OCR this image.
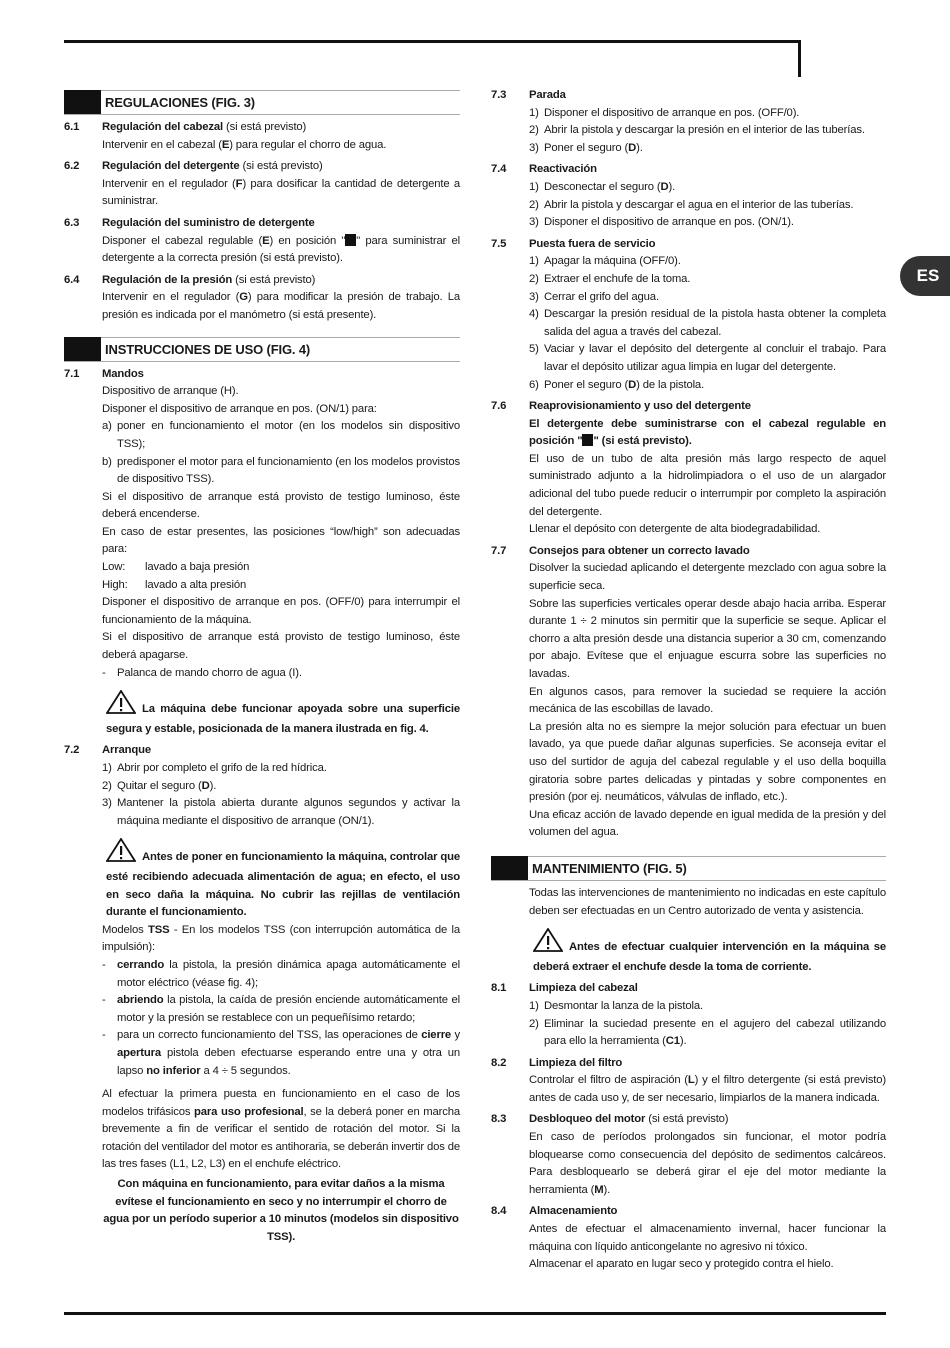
ES
REGULACIONES (FIG. 3)
6.1	Regulación del cabezal (si está previsto)

Intervenir en el cabezal (E) para regular el chorro de agua.

6.2	Regulación del detergente (si está previsto)

Intervenir en el regulador (F) para dosificar la cantidad de detergente a suministrar.

6.3	Regulación del suministro de detergente

Disponer el cabezal regulable (E) en posición " " para suministrar el detergente a la correcta presión (si está previsto).

6.4	Regulación de la presión (si está previsto)

Intervenir en el regulador (G) para modificar la presión de trabajo. La presión es indicada por el manómetro (si está presente).

INSTRUCCIONES DE USO (FIG. 4)
7.1	Mandos

Dispositivo de arranque (H).

Disponer el dispositivo de arranque en pos. (ON/1) para:

a) poner en funcionamiento el motor (en los modelos sin dispositivo TSS);
b) predisponer el motor para el funcionamiento (en los modelos provistos de dispositivo TSS).

Si el dispositivo de arranque está provisto de testigo luminoso, éste deberá encenderse.

En caso de estar presentes, las posiciones “low/high” son adecuadas para:

Low:	lavado a baja presión
High:	lavado a alta presión

Disponer el dispositivo de arranque en pos. (OFF/0) para interrumpir el funcionamiento de la máquina.

Si el dispositivo de arranque está provisto de testigo luminoso, éste deberá apagarse.

-	Palanca de mando chorro de agua (I).
La máquina debe funcionar apoyada sobre una superficie segura y estable, posicionada de la manera ilustrada en fig. 4.
7.2	Arranque

1) Abrir por completo el grifo de la red hídrica.
2) Quitar el seguro (D).
3) Mantener la pistola abierta durante algunos segundos y activar la máquina mediante el dispositivo de arranque (ON/1).
Antes de poner en funcionamiento la máquina, controlar que esté recibiendo adecuada alimentación de agua; en efecto, el uso en seco daña la máquina. No cubrir las rejillas de ventilación durante el funcionamiento.

Modelos TSS - En los modelos TSS (con interrupción automática de la impulsión):

-	cerrando la pistola, la presión dinámica apaga automáticamente el motor eléctrico (véase fig. 4);
-	abriendo la pistola, la caída de presión enciende automáticamente el motor y la presión se restablece con un pequeñísimo retardo;
-	para un correcto funcionamiento del TSS, las operaciones de cierre y apertura pistola deben efectuarse esperando entre una y otra un lapso no inferior a 4 ÷ 5 segundos.

Al efectuar la primera puesta en funcionamiento en el caso de los modelos trifásicos para uso profesional, se la deberá poner en marcha brevemente a fin de verificar el sentido de rotación del motor. Si la rotación del ventilador del motor es antihoraria, se deberán invertir dos de las tres fases (L1, L2, L3) en el enchufe eléctrico.

Con máquina en funcionamiento, para evitar daños a la misma evítese el funcionamiento en seco y no interrumpir el chorro de agua por un período superior a 10 minutos (modelos sin dispositivo TSS).

7.3	Parada

1) Disponer el dispositivo de arranque en pos. (OFF/0).
2) Abrir la pistola y descargar la presión en el interior de las tuberías.
3) Poner el seguro (D).
7.4	Reactivación

1) Desconectar el seguro (D).
2) Abrir la pistola y descargar el agua en el interior de las tuberías.
3) Disponer el dispositivo de arranque en pos. (ON/1).
7.5	Puesta fuera de servicio

1) Apagar la máquina (OFF/0).
2) Extraer el enchufe de la toma.
3) Cerrar el grifo del agua.
4) Descargar la presión residual de la pistola hasta obtener la completa salida del agua a través del cabezal.
5) Vaciar y lavar el depósito del detergente al concluir el trabajo. Para lavar el depósito utilizar agua limpia en lugar del detergente.
6) Poner el seguro (D) de la pistola.
7.6	Reaprovisionamiento y uso del detergente

El detergente debe suministrarse con el cabezal regulable en posición " " (si está previsto).

El uso de un tubo de alta presión más largo respecto de aquel suministrado adjunto a la hidrolimpiadora o el uso de un alargador adicional del tubo puede reducir o interrumpir por completo la aspiración del detergente.

Llenar el depósito con detergente de alta biodegradabilidad.

7.7	Consejos para obtener un correcto lavado

Disolver la suciedad aplicando el detergente mezclado con agua sobre la superficie seca.

Sobre las superficies verticales operar desde abajo hacia arriba. Esperar durante 1 ÷ 2 minutos sin permitir que la superficie se seque. Aplicar el chorro a alta presión desde una distancia superior a 30 cm, comenzando por abajo. Evítese que el enjuague escurra sobre las superficies no lavadas.

En algunos casos, para remover la suciedad se requiere la acción mecánica de las escobillas de lavado.

La presión alta no es siempre la mejor solución para efectuar un buen lavado, ya que puede dañar algunas superficies. Se aconseja evitar el uso del surtidor de aguja del cabezal regulable y el uso della boquilla giratoria sobre partes delicadas y pintadas y sobre componentes en presión (por ej. neumáticos, válvulas de inflado, etc.).

Una eficaz acción de lavado depende en igual medida de la presión y del volumen del agua.

MANTENIMIENTO (FIG. 5)

Todas las intervenciones de mantenimiento no indicadas en este capítulo deben ser efectuadas en un Centro autorizado de venta y asistencia.

Antes de efectuar cualquier intervención en la máquina se deberá extraer el enchufe desde la toma de corriente.
8.1	Limpieza del cabezal

1) Desmontar la lanza de la pistola.
2) Eliminar la suciedad presente en el agujero del cabezal utilizando para ello la herramienta (C1).
8.2	Limpieza del filtro

Controlar el filtro de aspiración (L) y el filtro detergente (si está previsto) antes de cada uso y, de ser necesario, limpiarlos de la manera indicada.

8.3	Desbloqueo del motor (si está previsto)

En caso de períodos prolongados sin funcionar, el motor podría bloquearse como consecuencia del depósito de sedimentos calcáreos. Para desbloquearlo se deberá girar el eje del motor mediante la herramienta (M).

8.4	Almacenamiento

Antes de efectuar el almacenamiento invernal, hacer funcionar la máquina con líquido anticongelante no agresivo ni tóxico.

Almacenar el aparato en lugar seco y protegido contra el hielo.
